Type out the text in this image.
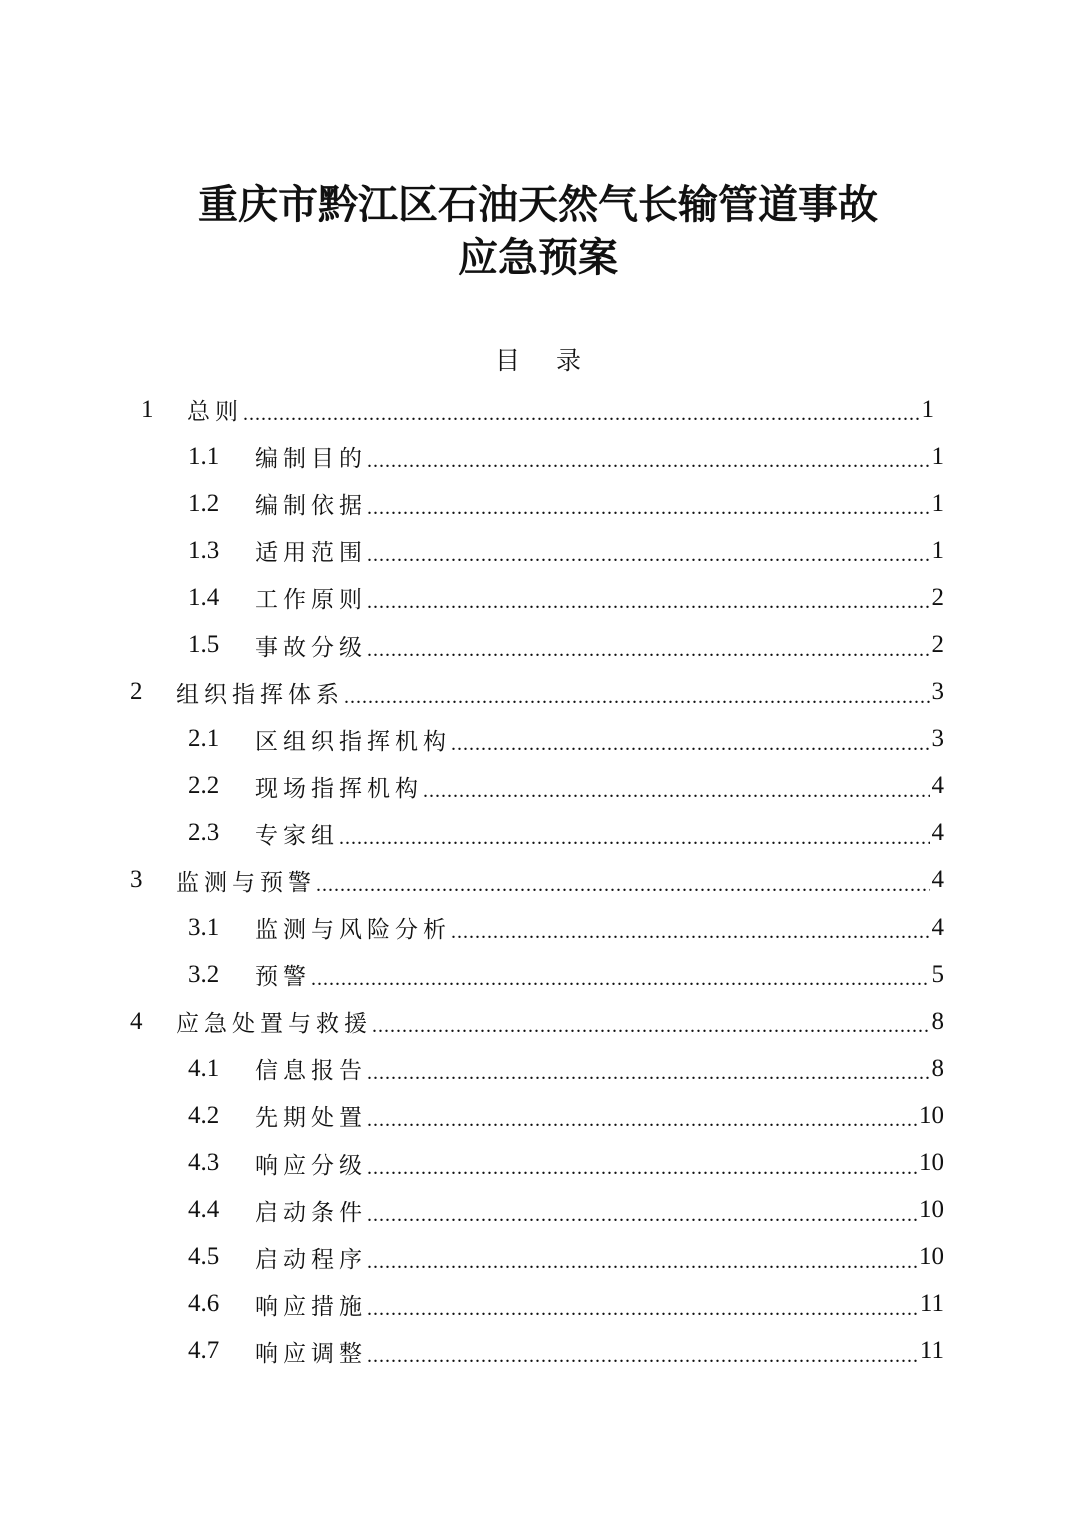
重庆市黔江区石油天然气长输管道事故
应急预案
目 录
1	总则 .....	1
1.1	编制目的 .....	1
1.2	编制依据 .....	1
1.3	适用范围 .....	1
1.4	工作原则 .....	2
1.5	事故分级 .....	2
2	组织指挥体系 .....	3
2.1	区组织指挥机构 .....	3
2.2	现场指挥机构 .....	4
2.3	专家组 .....	4
3	监测与预警 .....	4
3.1	监测与风险分析 .....	4
3.2	预警 .....	5
4	应急处置与救援 .....	8
4.1	信息报告 .....	8
4.2	先期处置 .....	10
4.3	响应分级 .....	10
4.4	启动条件 .....	10
4.5	启动程序 .....	10
4.6	响应措施 .....	11
4.7	响应调整 .....	11
